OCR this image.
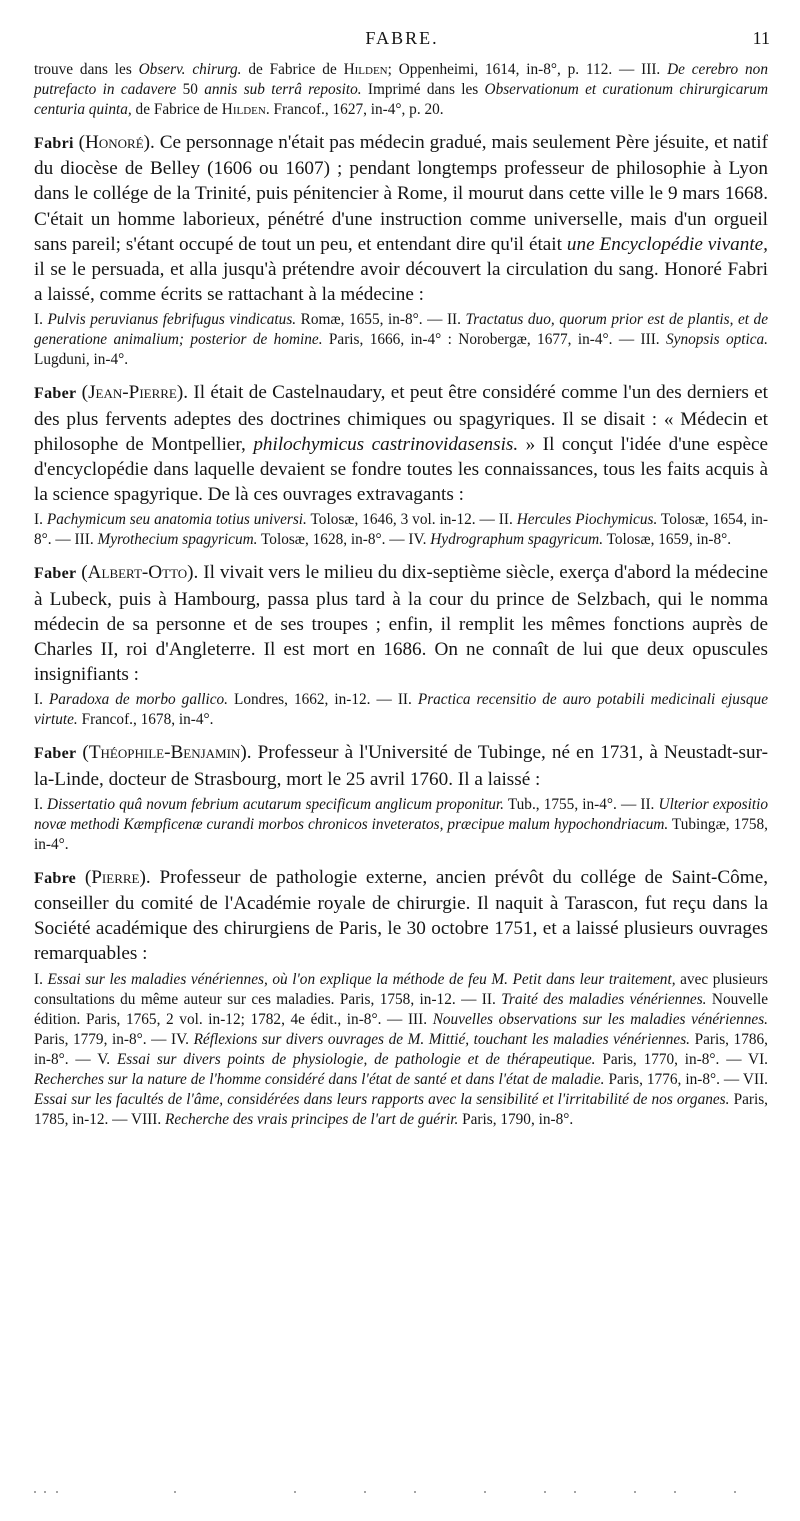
FABRE.	11

trouve dans les Observ. chirurg. de Fabrice de Hilden; Oppenheimi, 1614, in-8°, p. 112. — III. De cerebro non putrefacto in cadavere 50 annis sub terrâ reposito. Imprimé dans les Observationum et curationum chirurgicarum centuria quinta, de Fabrice de Hilden. Francof., 1627, in-4°, p. 20.

Fabri (Honoré). Ce personnage n'était pas médecin gradué, mais seulement Père jésuite, et natif du diocèse de Belley (1606 ou 1607) ; pendant longtemps professeur de philosophie à Lyon dans le collége de la Trinité, puis pénitencier à Rome, il mourut dans cette ville le 9 mars 1668. C'était un homme laborieux, pénétré d'une instruction comme universelle, mais d'un orgueil sans pareil; s'étant occupé de tout un peu, et entendant dire qu'il était une Encyclopédie vivante, il se le persuada, et alla jusqu'à prétendre avoir découvert la circulation du sang. Honoré Fabri a laissé, comme écrits se rattachant à la médecine :

I. Pulvis peruvianus febrifugus vindicatus. Romæ, 1655, in-8°. — II. Tractatus duo, quorum prior est de plantis, et de generatione animalium; posterior de homine. Paris, 1666, in-4° : Norobergæ, 1677, in-4°. — III. Synopsis optica. Lugduni, in-4°.

Faber (Jean-Pierre). Il était de Castelnaudary, et peut être considéré comme l'un des derniers et des plus fervents adeptes des doctrines chimiques ou spagyriques. Il se disait : « Médecin et philosophe de Montpellier, philochymicus castrinovidasensis. » Il conçut l'idée d'une espèce d'encyclopédie dans laquelle devaient se fondre toutes les connaissances, tous les faits acquis à la science spagyrique. De là ces ouvrages extravagants :

I. Pachymicum seu anatomia totius universi. Tolosæ, 1646, 3 vol. in-12. — II. Hercules Piochymicus. Tolosæ, 1654, in-8°. — III. Myrothecium spagyricum. Tolosæ, 1628, in-8°. — IV. Hydrographum spagyricum. Tolosæ, 1659, in-8°.

Faber (Albert-Otto). Il vivait vers le milieu du dix-septième siècle, exerça d'abord la médecine à Lubeck, puis à Hambourg, passa plus tard à la cour du prince de Selzbach, qui le nomma médecin de sa personne et de ses troupes ; enfin, il remplit les mêmes fonctions auprès de Charles II, roi d'Angleterre. Il est mort en 1686. On ne connaît de lui que deux opuscules insignifiants :

I. Paradoxa de morbo gallico. Londres, 1662, in-12. — II. Practica recensitio de auro potabili medicinali ejusque virtute. Francof., 1678, in-4°.

Faber (Théophile-Benjamin). Professeur à l'Université de Tubinge, né en 1731, à Neustadt-sur-la-Linde, docteur de Strasbourg, mort le 25 avril 1760. Il a laissé :

I. Dissertatio quâ novum febrium acutarum specificum anglicum proponitur. Tub., 1755, in-4°. — II. Ulterior expositio novæ methodi Kæmpficenæ curandi morbos chronicos inveteratos, præcipue malum hypochondriacum. Tubingæ, 1758, in-4°.

Fabre (Pierre). Professeur de pathologie externe, ancien prévôt du collége de Saint-Côme, conseiller du comité de l'Académie royale de chirurgie. Il naquit à Tarascon, fut reçu dans la Société académique des chirurgiens de Paris, le 30 octobre 1751, et a laissé plusieurs ouvrages remarquables :

I. Essai sur les maladies vénériennes, où l'on explique la méthode de feu M. Petit dans leur traitement, avec plusieurs consultations du même auteur sur ces maladies. Paris, 1758, in-12. — II. Traité des maladies vénériennes. Nouvelle édition. Paris, 1765, 2 vol. in-12; 1782, 4e édit., in-8°. — III. Nouvelles observations sur les maladies vénériennes. Paris, 1779, in-8°. — IV. Réflexions sur divers ouvrages de M. Mittié, touchant les maladies vénériennes. Paris, 1786, in-8°. — V. Essai sur divers points de physiologie, de pathologie et de thérapeutique. Paris, 1770, in-8°. — VI. Recherches sur la nature de l'homme considéré dans l'état de santé et dans l'état de maladie. Paris, 1776, in-8°. — VII. Essai sur les facultés de l'âme, considérées dans leurs rapports avec la sensibilité et l'irritabilité de nos organes. Paris, 1785, in-12. — VIII. Recherche des vrais principes de l'art de guérir. Paris, 1790, in-8°.
